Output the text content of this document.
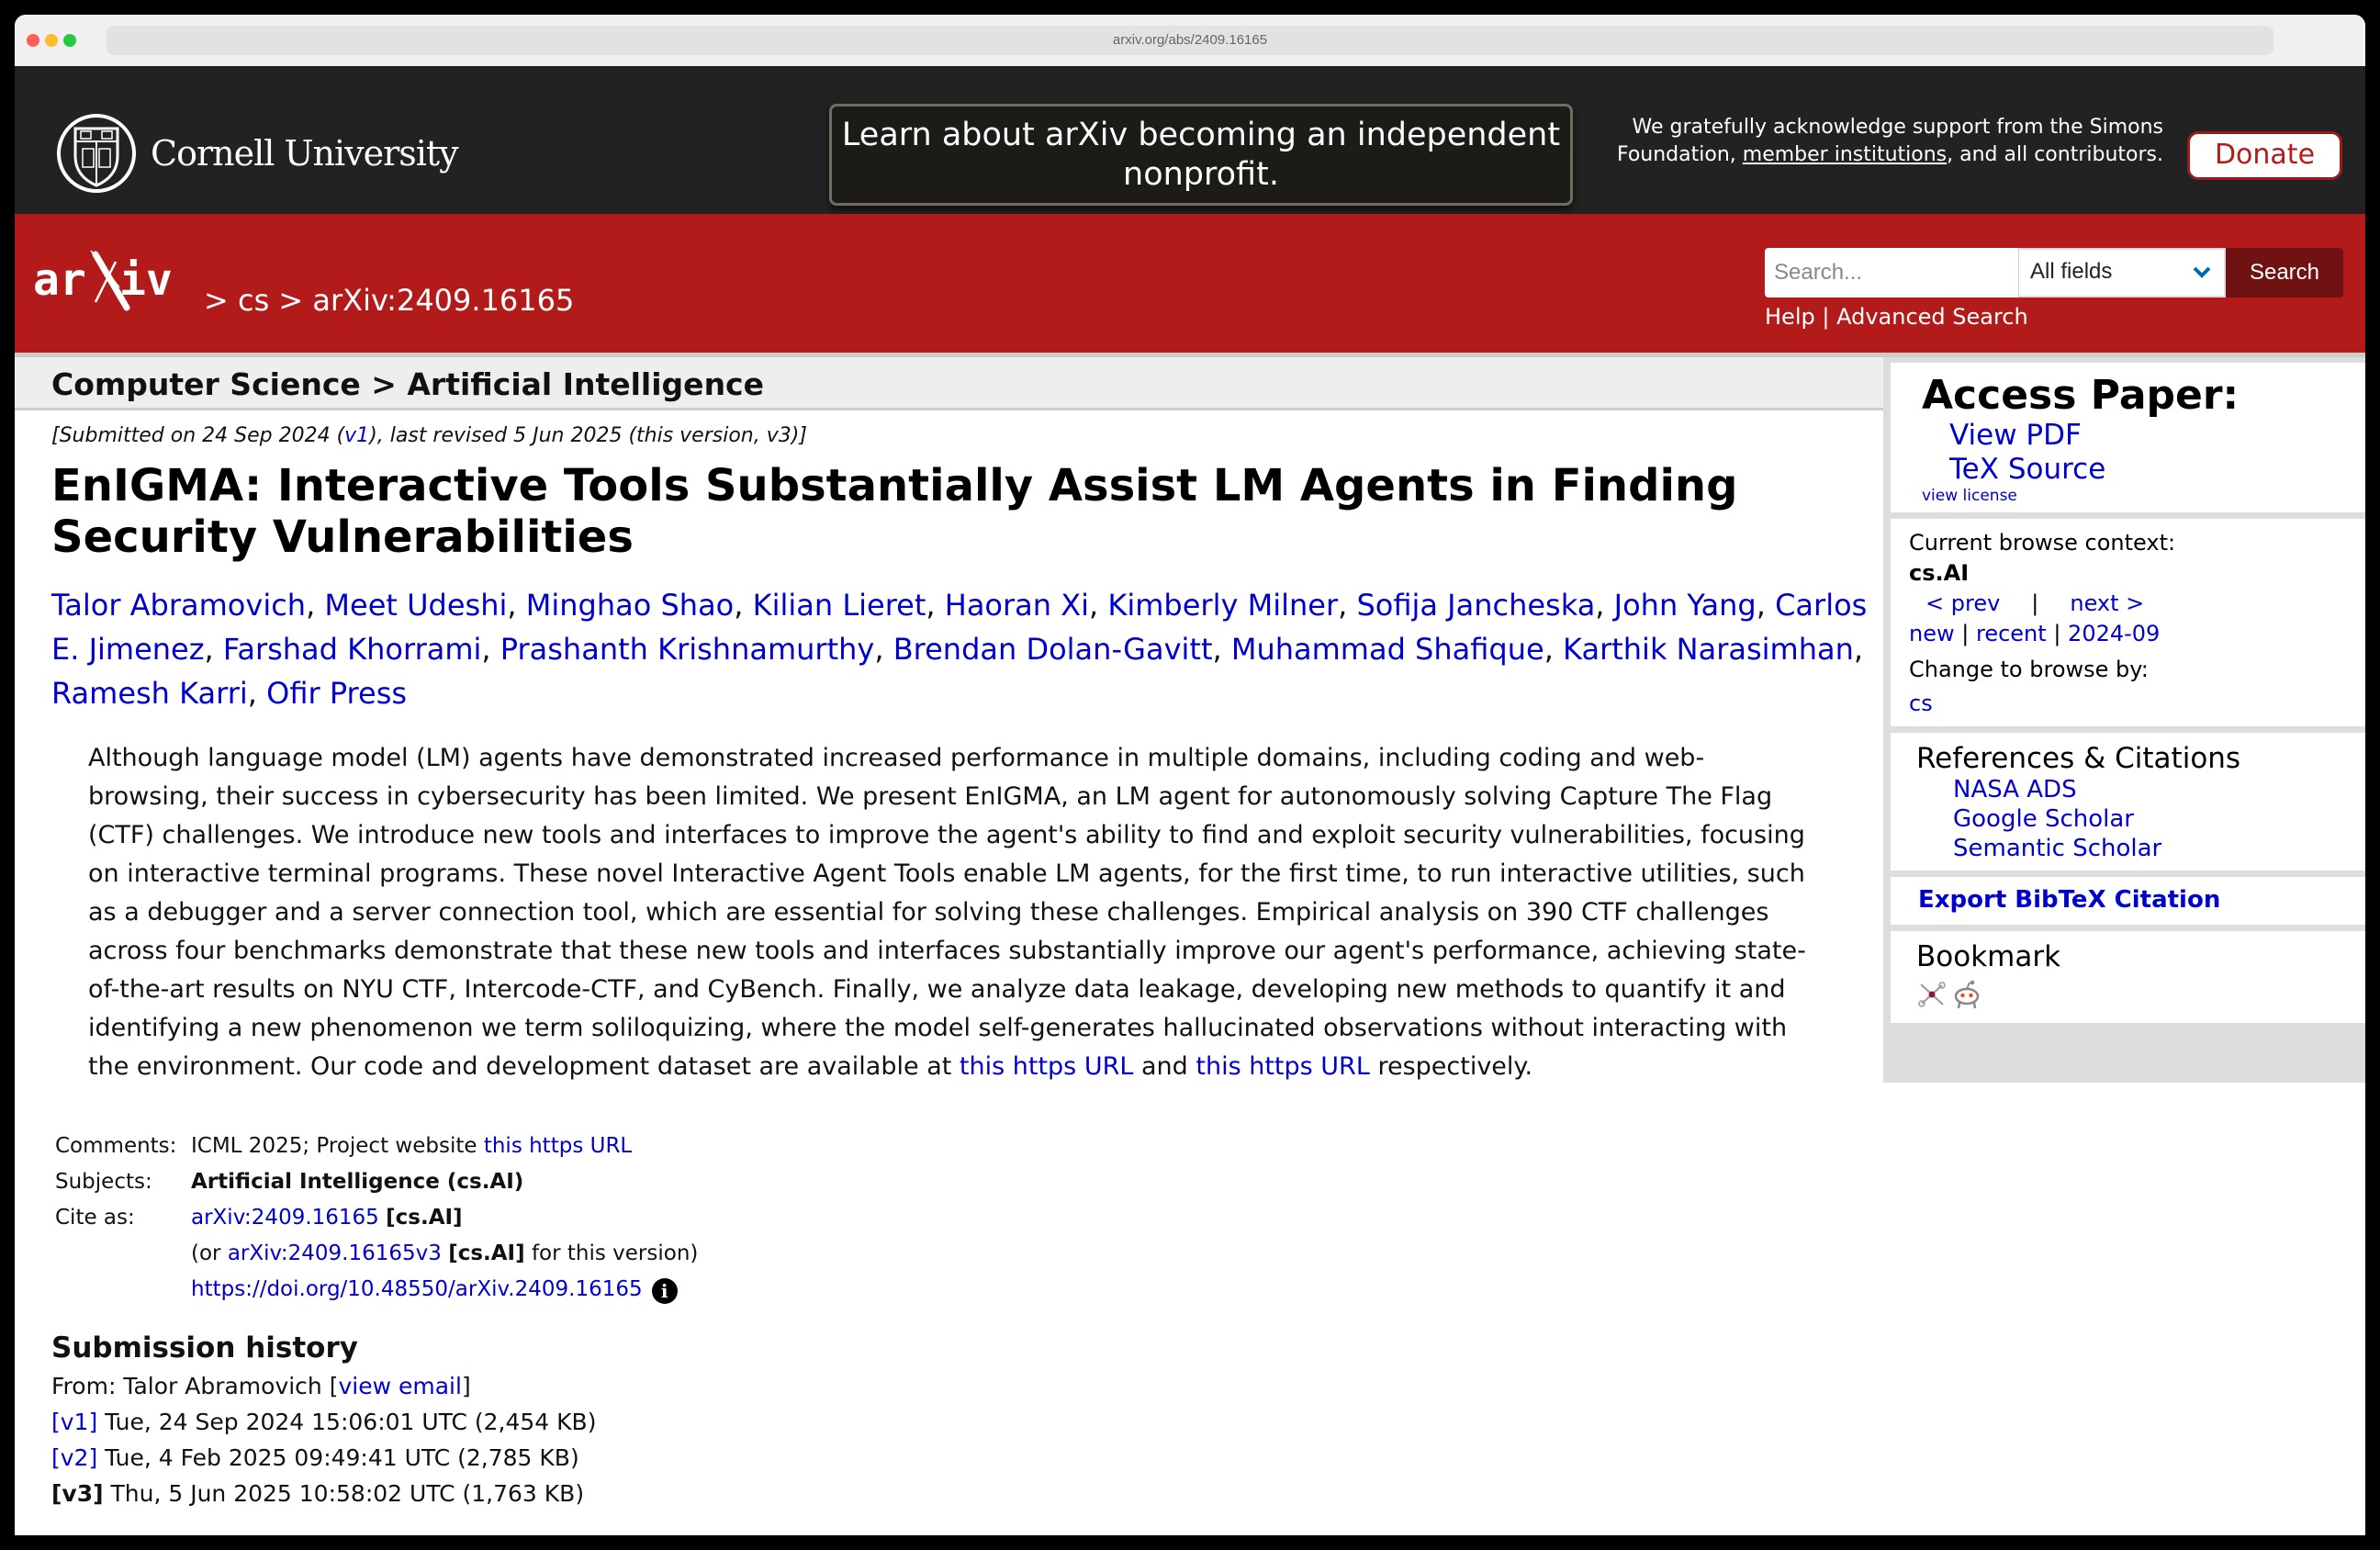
arxiv.org/abs/2409.16165
Cornell University	Learn about arXiv becoming an independent nonprofit.
We gratefully acknowledge support from the Simons Foundation, member institutions, and all contributors.	Donate
ar iv > cs > arXiv:2409.16165
Search...
All fields	Search
Help | Advanced Search
Computer Science > Artificial Intelligence
[Submitted on 24 Sep 2024 (v1), last revised 5 Jun 2025 (this version, v3)]
EnIGMA: Interactive Tools Substantially Assist LM Agents in Finding Security Vulnerabilities
Talor Abramovich, Meet Udeshi, Minghao Shao, Kilian Lieret, Haoran Xi, Kimberly Milner, Sofija Jancheska, John Yang, Carlos E. Jimenez, Farshad Khorrami, Prashanth Krishnamurthy, Brendan Dolan-Gavitt, Muhammad Shafique, Karthik Narasimhan, Ramesh Karri, Ofir Press
Although language model (LM) agents have demonstrated increased performance in multiple domains, including coding and web-browsing, their success in cybersecurity has been limited. We present EnIGMA, an LM agent for autonomously solving Capture The Flag (CTF) challenges. We introduce new tools and interfaces to improve the agent's ability to find and exploit security vulnerabilities, focusing on interactive terminal programs. These novel Interactive Agent Tools enable LM agents, for the first time, to run interactive utilities, such as a debugger and a server connection tool, which are essential for solving these challenges. Empirical analysis on 390 CTF challenges across four benchmarks demonstrate that these new tools and interfaces substantially improve our agent's performance, achieving state-of-the-art results on NYU CTF, Intercode-CTF, and CyBench. Finally, we analyze data leakage, developing new methods to quantify it and identifying a new phenomenon we term soliloquizing, where the model self-generates hallucinated observations without interacting with the environment. Our code and development dataset are available at this https URL and this https URL respectively.
Comments: ICML 2025; Project website this https URL
Subjects:	Artificial Intelligence (cs.AI)
Cite as:	arXiv:2409.16165 [cs.AI]
(or arXiv:2409.16165v3 [cs.AI] for this version)
https://doi.org/10.48550/arXiv.2409.16165 i
Submission history
From: Talor Abramovich [view email]
[v1] Tue, 24 Sep 2024 15:06:01 UTC (2,454 KB)
[v2] Tue, 4 Feb 2025 09:49:41 UTC (2,785 KB)
[v3] Thu, 5 Jun 2025 10:58:02 UTC (1,763 KB)
Access Paper:
View PDF
TeX Source
view license
Current browse context:
cs.AI
< prev | next >
new | recent | 2024-09
Change to browse by:
cs
References & Citations
NASA ADS
Google Scholar
Semantic Scholar
Export BibTeX Citation
Bookmark
